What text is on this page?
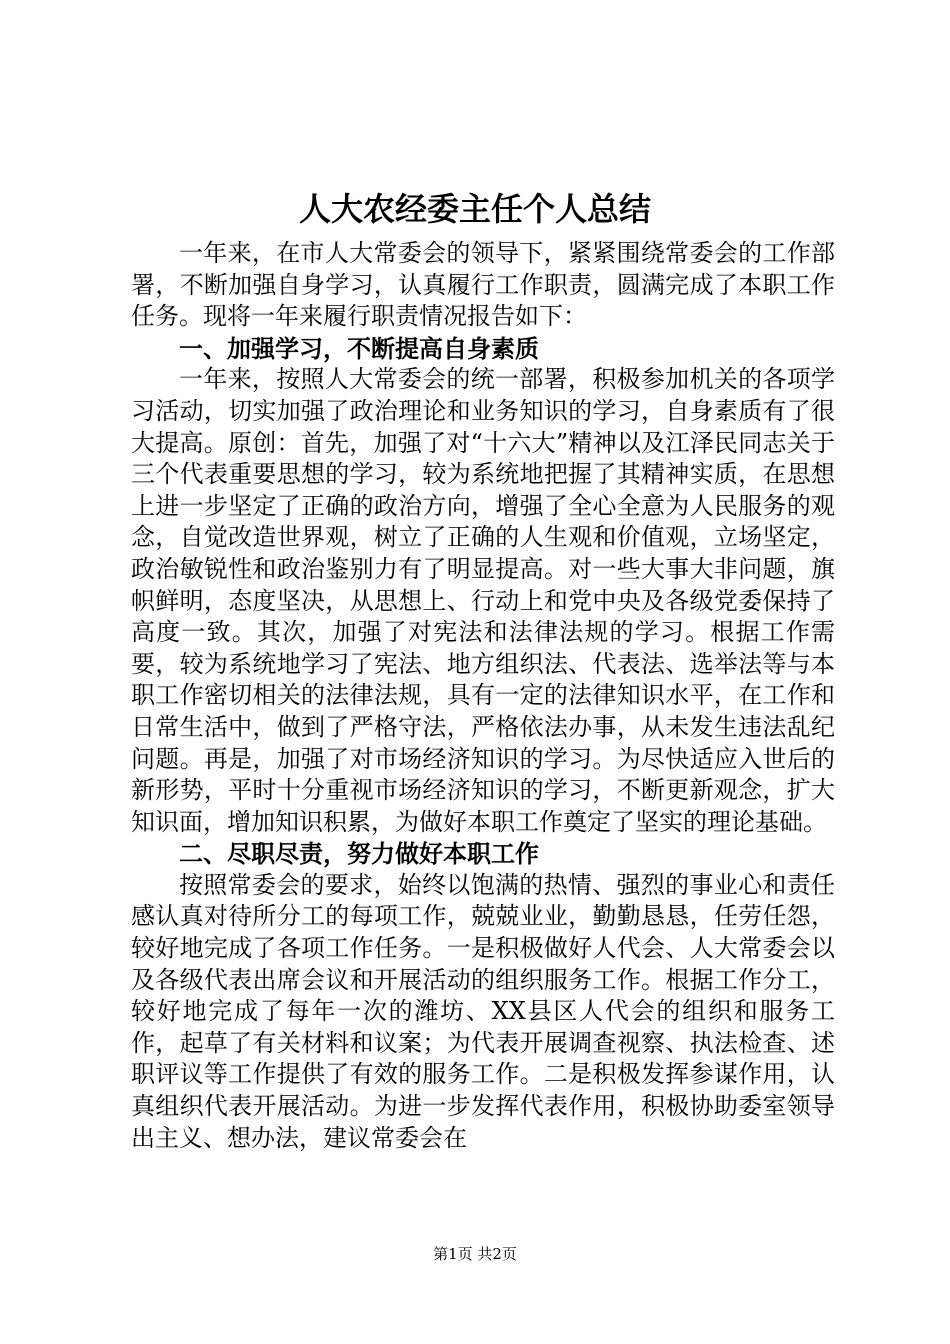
人大农经委主任个人总结

一年来，在市人大常委会的领导下，紧紧围绕常委会的工作部署，不断加强自身学习，认真履行工作职责，圆满完成了本职工作任务。现将一年来履行职责情况报告如下：

一、加强学习，不断提高自身素质

一年来，按照人大常委会的统一部署，积极参加机关的各项学习活动，切实加强了政治理论和业务知识的学习，自身素质有了很大提高。原创：首先，加强了对“十六大”精神以及江泽民同志关于三个代表重要思想的学习，较为系统地把握了其精神实质，在思想上进一步坚定了正确的政治方向，增强了全心全意为人民服务的观念，自觉改造世界观，树立了正确的人生观和价值观，立场坚定，政治敏锐性和政治鉴别力有了明显提高。对一些大事大非问题，旗帜鲜明，态度坚决，从思想上、行动上和党中央及各级党委保持了高度一致。其次，加强了对宪法和法律法规的学习。根据工作需要，较为系统地学习了宪法、地方组织法、代表法、选举法等与本职工作密切相关的法律法规，具有一定的法律知识水平，在工作和日常生活中，做到了严格守法，严格依法办事，从未发生违法乱纪问题。再是，加强了对市场经济知识的学习。为尽快适应入世后的新形势，平时十分重视市场经济知识的学习，不断更新观念，扩大知识面，增加知识积累，为做好本职工作奠定了坚实的理论基础。

二、尽职尽责，努力做好本职工作

按照常委会的要求，始终以饱满的热情、强烈的事业心和责任感认真对待所分工的每项工作，兢兢业业，勤勤恳恳，任劳任怨，较好地完成了各项工作任务。一是积极做好人代会、人大常委会以及各级代表出席会议和开展活动的组织服务工作。根据工作分工，较好地完成了每年一次的潍坊、XX县区人代会的组织和服务工作，起草了有关材料和议案；为代表开展调查视察、执法检查、述职评议等工作提供了有效的服务工作。二是积极发挥参谋作用，认真组织代表开展活动。为进一步发挥代表作用，积极协助委室领导出主义、想办法，建议常委会在

第1页 共2页
